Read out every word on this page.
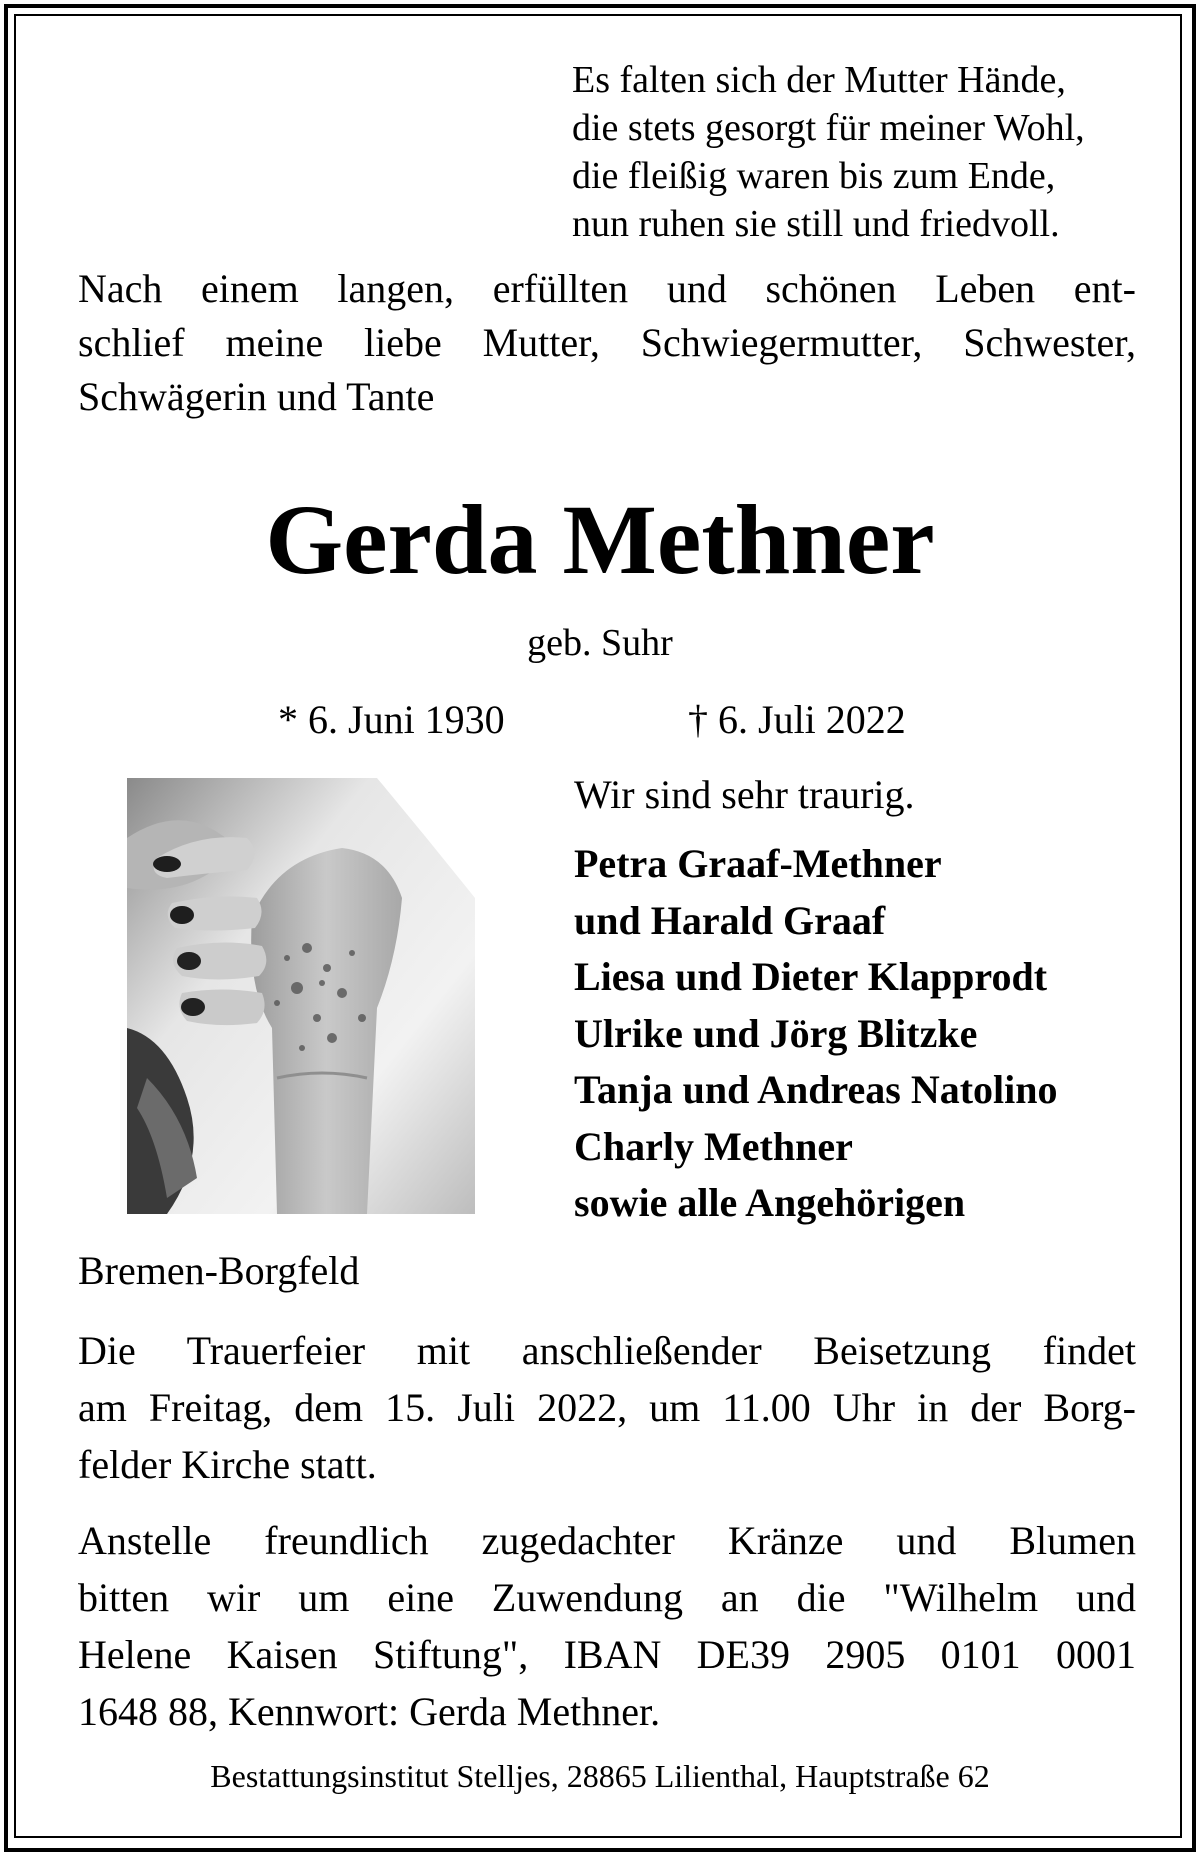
Es falten sich der Mutter Hände,
die stets gesorgt für meiner Wohl,
die fleißig waren bis zum Ende,
nun ruhen sie still und friedvoll.
Nach einem langen, erfüllten und schönen Leben ent-
schlief meine liebe Mutter, Schwiegermutter, Schwester,
Schwägerin und Tante
Gerda Methner
geb. Suhr
* 6. Juni 1930	† 6. Juli 2022
Wir sind sehr traurig.
Petra Graaf-Methner
und Harald Graaf
Liesa und Dieter Klapprodt
Ulrike und Jörg Blitzke
Tanja und Andreas Natolino
Charly Methner
sowie alle Angehörigen
Bremen-Borgfeld
Die Trauerfeier mit anschließender Beisetzung findet
am Freitag, dem 15. Juli 2022, um 11.00 Uhr in der Borg-
felder Kirche statt.
Anstelle freundlich zugedachter Kränze und Blumen
bitten wir um eine Zuwendung an die "Wilhelm und
Helene Kaisen Stiftung", IBAN DE39 2905 0101 0001
1648 88, Kennwort: Gerda Methner.
Bestattungsinstitut Stelljes, 28865 Lilienthal, Hauptstraße 62
